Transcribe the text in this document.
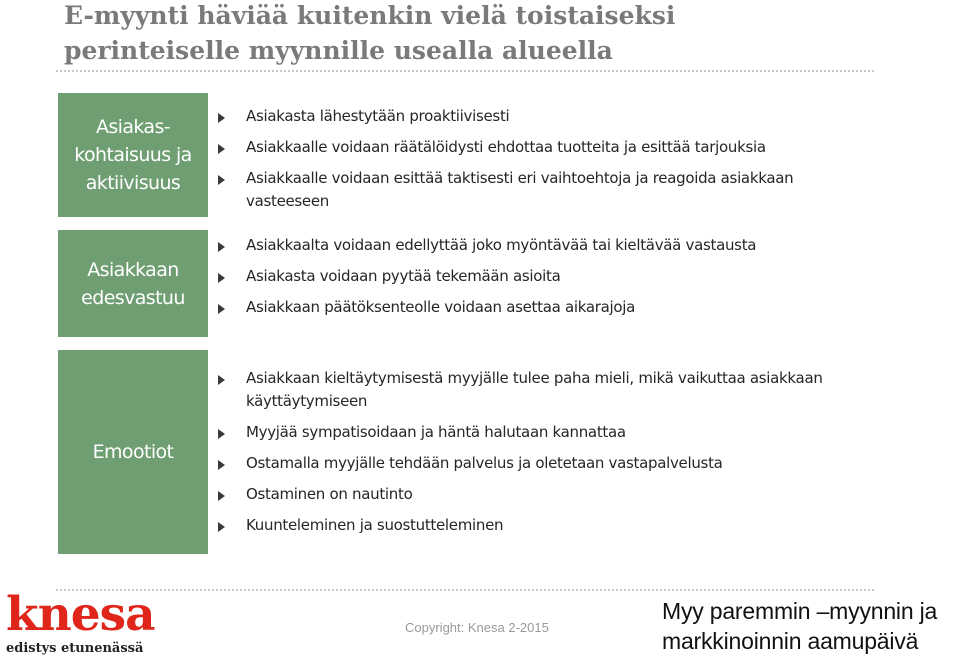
E-myynti häviää kuitenkin vielä toistaiseksi
perinteiselle myynnille usealla alueella
Asiakas-
kohtaisuus ja
aktiivisuus
Asiakasta lähestytään proaktiivisesti
Asiakkaalle voidaan räätälöidysti ehdottaa tuotteita ja esittää tarjouksia
Asiakkaalle voidaan esittää taktisesti eri vaihtoehtoja ja reagoida asiakkaan vasteeseen
Asiakkaan
edesvastuu
Asiakkaalta voidaan edellyttää joko myöntävää tai kieltävää vastausta
Asiakasta voidaan pyytää tekemään asioita
Asiakkaan päätöksenteolle voidaan asettaa aikarajoja
Emootiot
Asiakkaan kieltäytymisestä myyjälle tulee paha mieli, mikä vaikuttaa asiakkaan käyttäytymiseen
Myyjää sympatisoidaan ja häntä halutaan kannattaa
Ostamalla myyjälle tehdään palvelus ja oletetaan vastapalvelusta
Ostaminen on nautinto
Kuunteleminen ja suostutteleminen
knesa
edistys etunenässä
Copyright: Knesa 2-2015
Myy paremmin –myynnin ja
markkinoinnin aamupäivä
